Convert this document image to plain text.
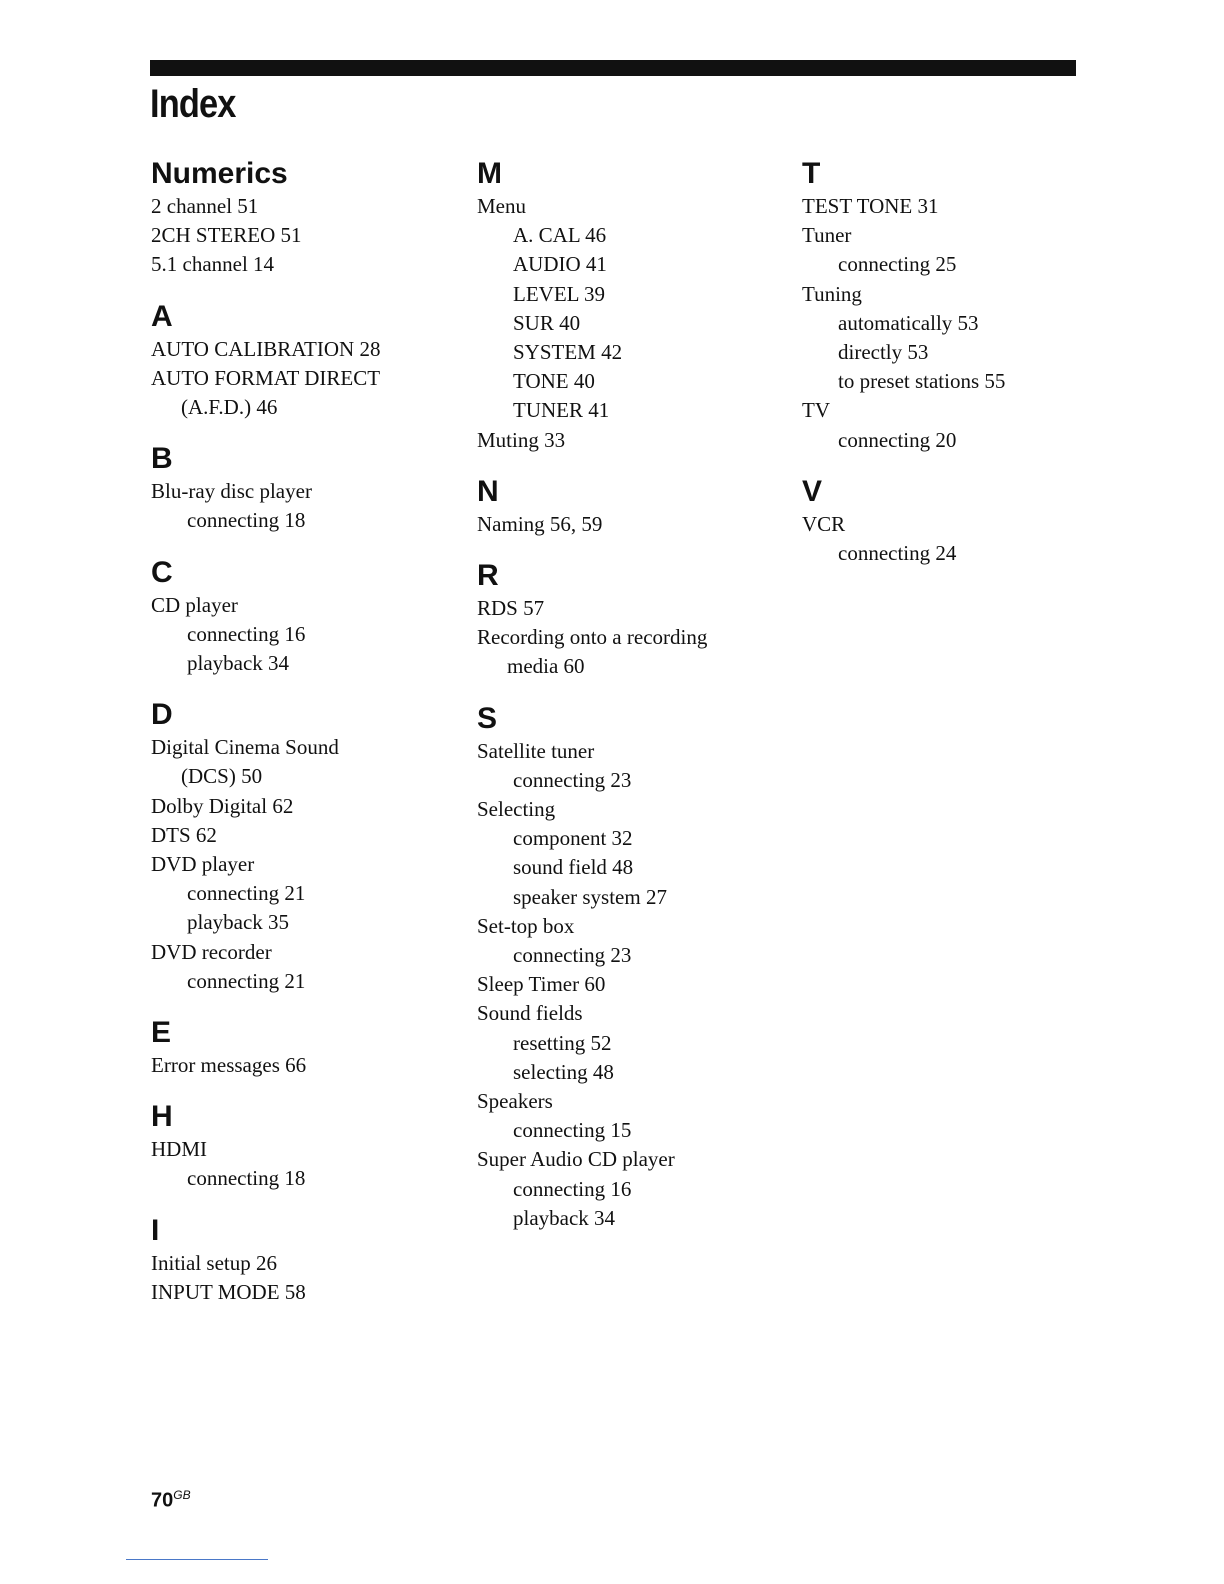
Index
Numerics
2 channel 51
2CH STEREO 51
5.1 channel 14
A
AUTO CALIBRATION 28
AUTO FORMAT DIRECT
(A.F.D.) 46
B
Blu-ray disc player
connecting 18
C
CD player
connecting 16
playback 34
D
Digital Cinema Sound
(DCS) 50
Dolby Digital 62
DTS 62
DVD player
connecting 21
playback 35
DVD recorder
connecting 21
E
Error messages 66
H
HDMI
connecting 18
I
Initial setup 26
INPUT MODE 58
M
Menu
A. CAL 46
AUDIO 41
LEVEL 39
SUR 40
SYSTEM 42
TONE 40
TUNER 41
Muting 33
N
Naming 56, 59
R
RDS 57
Recording onto a recording
media 60
S
Satellite tuner
connecting 23
Selecting
component 32
sound field 48
speaker system 27
Set-top box
connecting 23
Sleep Timer 60
Sound fields
resetting 52
selecting 48
Speakers
connecting 15
Super Audio CD player
connecting 16
playback 34
T
TEST TONE 31
Tuner
connecting 25
Tuning
automatically 53
directly 53
to preset stations 55
TV
connecting 20
V
VCR
connecting 24
$70^{GB}$
